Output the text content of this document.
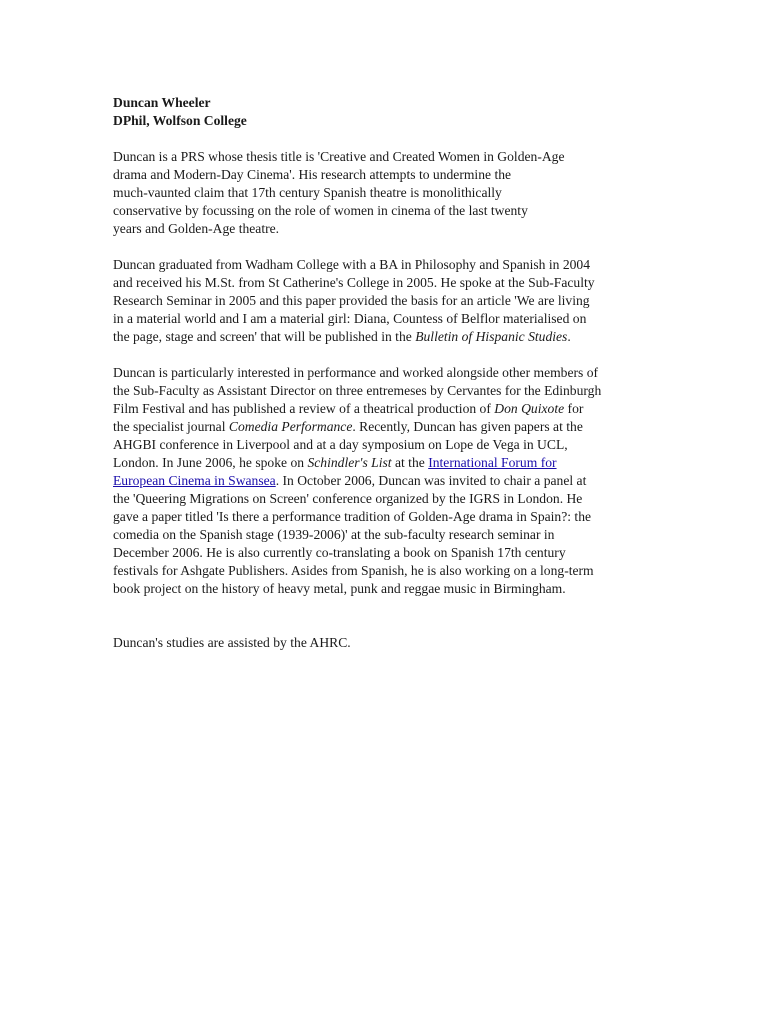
Duncan Wheeler
DPhil, Wolfson College
Duncan is a PRS whose thesis title is 'Creative and Created Women in Golden-Age
drama and Modern-Day Cinema'. His research attempts to undermine the
much-vaunted claim that 17th century Spanish theatre is monolithically
conservative by focussing on the role of women in cinema of the last twenty
years and Golden-Age theatre.
Duncan graduated from Wadham College with a BA in Philosophy and Spanish in 2004
and received his M.St. from St Catherine's College in 2005. He spoke at the Sub-Faculty
Research Seminar in 2005 and this paper provided the basis for an article 'We are living
in a material world and I am a material girl: Diana, Countess of Belflor materialised on
the page, stage and screen' that will be published in the Bulletin of Hispanic Studies.
Duncan is particularly interested in performance and worked alongside other members of
the Sub-Faculty as Assistant Director on three entremeses by Cervantes for the Edinburgh
Film Festival and has published a review of a theatrical production of Don Quixote for
the specialist journal Comedia Performance. Recently, Duncan has given papers at the
AHGBI conference in Liverpool and at a day symposium on Lope de Vega in UCL,
London. In June 2006, he spoke on Schindler's List at the International Forum for
European Cinema in Swansea. In October 2006, Duncan was invited to chair a panel at
the 'Queering Migrations on Screen' conference organized by the IGRS in London. He
gave a paper titled 'Is there a performance tradition of Golden-Age drama in Spain?: the
comedia on the Spanish stage (1939-2006)' at the sub-faculty research seminar in
December 2006. He is also currently co-translating a book on Spanish 17th century
festivals for Ashgate Publishers. Asides from Spanish, he is also working on a long-term
book project on the history of heavy metal, punk and reggae music in Birmingham.
Duncan's studies are assisted by the AHRC.
